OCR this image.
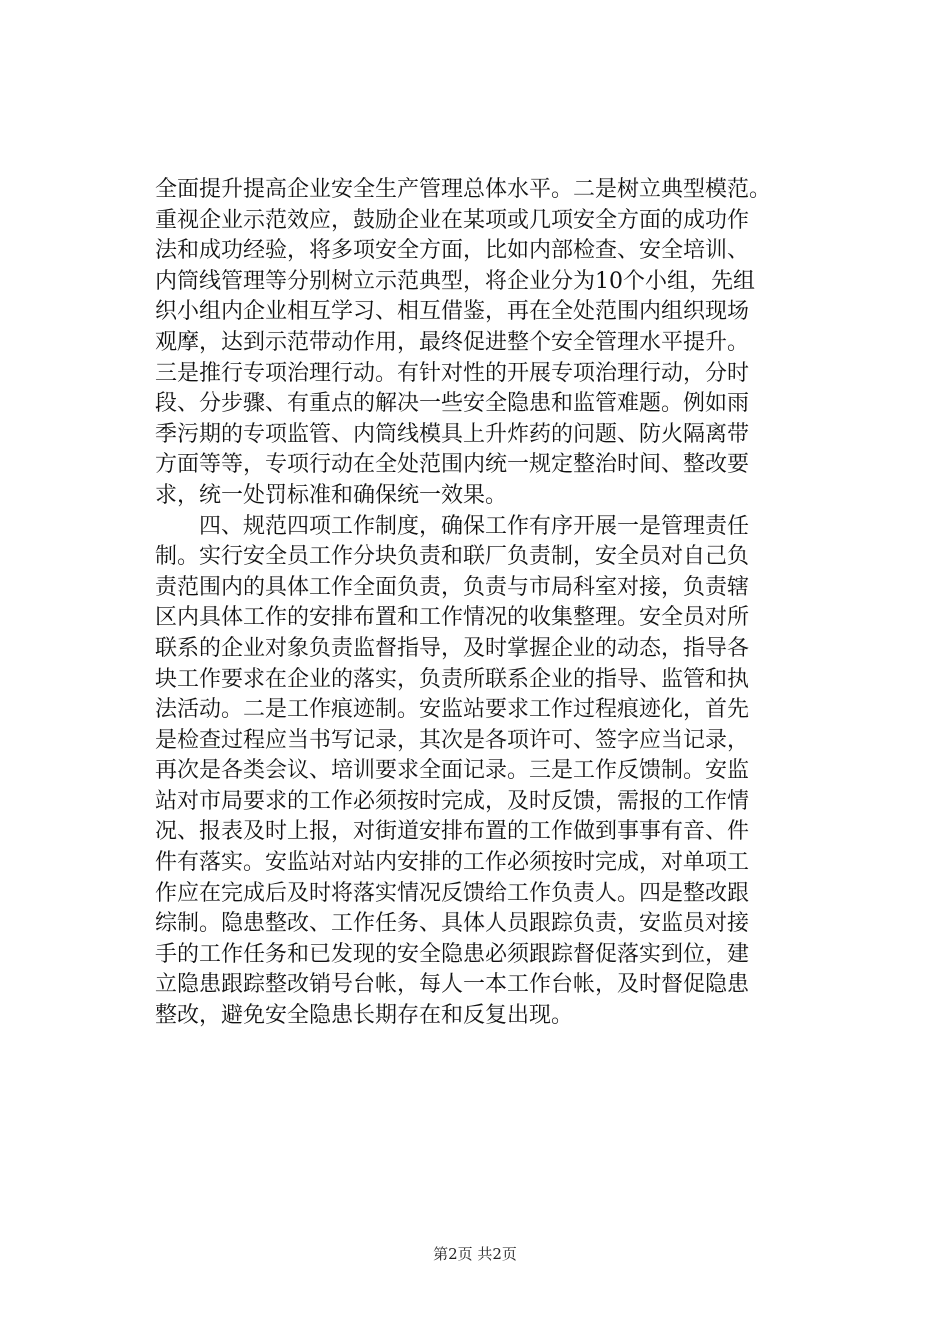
全面提升提高企业安全生产管理总体水平。二是树立典型模范。
重视企业示范效应，鼓励企业在某项或几项安全方面的成功作
法和成功经验，将多项安全方面，比如内部检查、安全培训、
内筒线管理等分别树立示范典型，将企业分为10个小组，先组
织小组内企业相互学习、相互借鉴，再在全处范围内组织现场
观摩，达到示范带动作用，最终促进整个安全管理水平提升。
三是推行专项治理行动。有针对性的开展专项治理行动，分时
段、分步骤、有重点的解决一些安全隐患和监管难题。例如雨
季污期的专项监管、内筒线模具上升炸药的问题、防火隔离带
方面等等，专项行动在全处范围内统一规定整治时间、整改要
求，统一处罚标准和确保统一效果。
　　四、规范四项工作制度，确保工作有序开展一是管理责任
制。实行安全员工作分块负责和联厂负责制，安全员对自己负
责范围内的具体工作全面负责，负责与市局科室对接，负责辖
区内具体工作的安排布置和工作情况的收集整理。安全员对所
联系的企业对象负责监督指导，及时掌握企业的动态，指导各
块工作要求在企业的落实，负责所联系企业的指导、监管和执
法活动。二是工作痕迹制。安监站要求工作过程痕迹化，首先
是检查过程应当书写记录，其次是各项许可、签字应当记录，
再次是各类会议、培训要求全面记录。三是工作反馈制。安监
站对市局要求的工作必须按时完成，及时反馈，需报的工作情
况、报表及时上报，对街道安排布置的工作做到事事有音、件
件有落实。安监站对站内安排的工作必须按时完成，对单项工
作应在完成后及时将落实情况反馈给工作负责人。四是整改跟
综制。隐患整改、工作任务、具体人员跟踪负责，安监员对接
手的工作任务和已发现的安全隐患必须跟踪督促落实到位，建
立隐患跟踪整改销号台帐，每人一本工作台帐，及时督促隐患
整改，避免安全隐患长期存在和反复出现。
第2页 共2页
